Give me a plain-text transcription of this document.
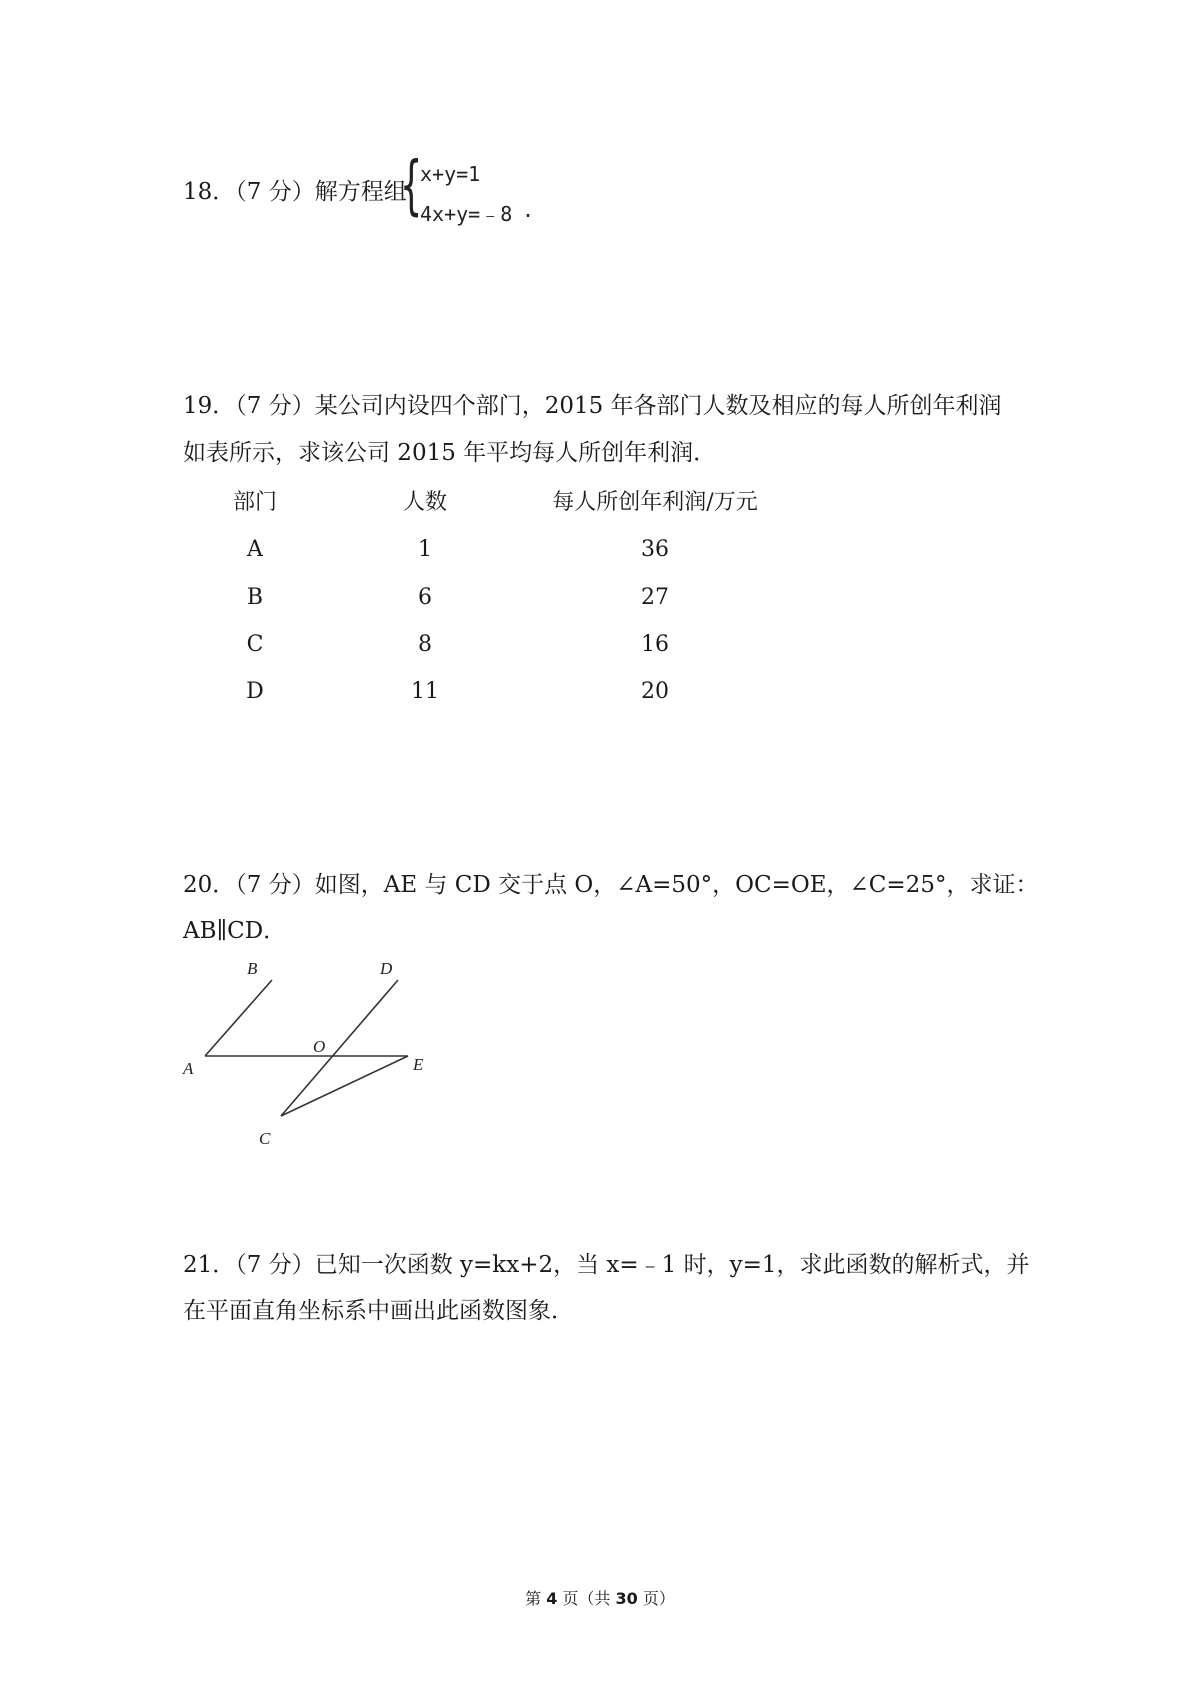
18．（7 分）解方程组
{
x+y=1
4x+y=﹣8 .
19．（7 分）某公司内设四个部门，2015 年各部门人数及相应的每人所创年利润
如表所示，求该公司 2015 年平均每人所创年利润．
部门	人数	每人所创年利润/万元
A	1	36
B	6	27
C	8	16
D	11	20
20．（7 分）如图，AE 与 CD 交于点 O，∠A=50°，OC=OE，∠C=25°，求证：
AB∥CD．
A
B
C
D
E
O
21．（7 分）已知一次函数 y=kx+2，当 x=﹣1 时，y=1，求此函数的解析式，并
在平面直角坐标系中画出此函数图象．
第 4 页（共 30 页）
